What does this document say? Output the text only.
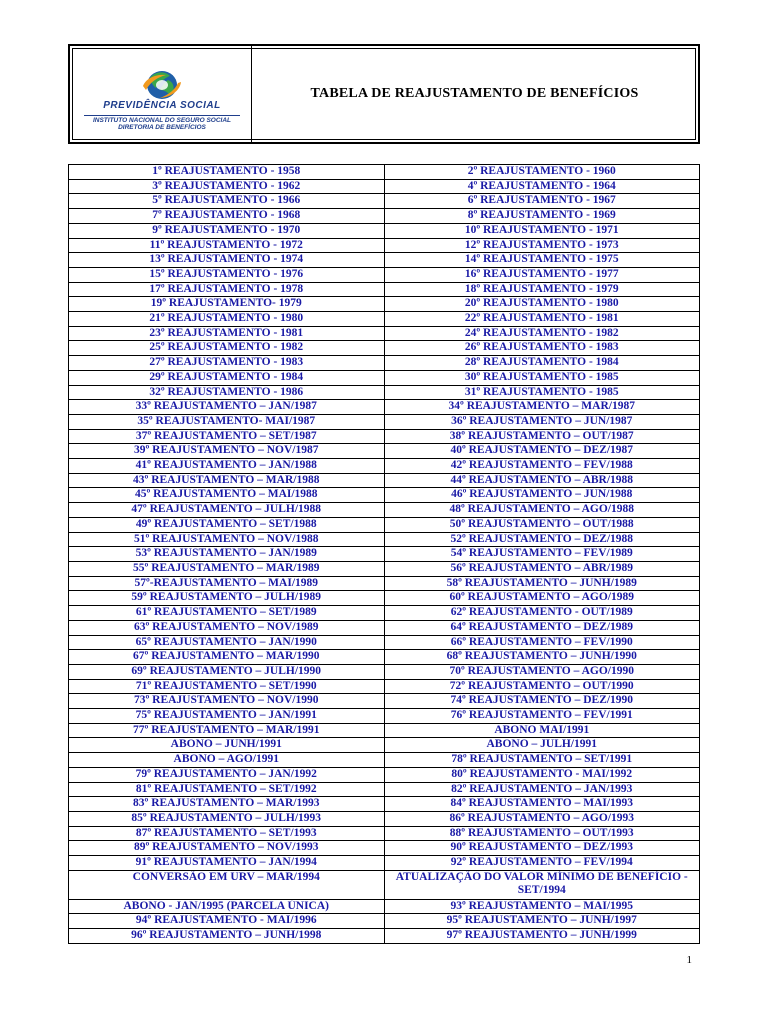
PREVIDÊNCIA SOCIAL
INSTITUTO NACIONAL DO SEGURO SOCIAL
DIRETORIA DE BENEFÍCIOS
TABELA DE REAJUSTAMENTO DE BENEFÍCIOS
1º REAJUSTAMENTO - 1958	2º REAJUSTAMENTO - 1960
3º REAJUSTAMENTO - 1962	4º REAJUSTAMENTO - 1964
5º REAJUSTAMENTO - 1966	6º REAJUSTAMENTO - 1967
7º REAJUSTAMENTO - 1968	8º REAJUSTAMENTO - 1969
9º REAJUSTAMENTO - 1970	10º REAJUSTAMENTO - 1971
11º REAJUSTAMENTO - 1972	12º REAJUSTAMENTO - 1973
13º REAJUSTAMENTO - 1974	14º REAJUSTAMENTO - 1975
15º REAJUSTAMENTO - 1976	16º REAJUSTAMENTO - 1977
17º REAJUSTAMENTO - 1978	18º REAJUSTAMENTO - 1979
19º REAJUSTAMENTO- 1979	20º REAJUSTAMENTO - 1980
21º REAJUSTAMENTO - 1980	22º REAJUSTAMENTO - 1981
23º REAJUSTAMENTO - 1981	24º REAJUSTAMENTO - 1982
25º REAJUSTAMENTO - 1982	26º REAJUSTAMENTO - 1983
27º REAJUSTAMENTO - 1983	28º REAJUSTAMENTO - 1984
29º REAJUSTAMENTO - 1984	30º REAJUSTAMENTO - 1985
32º REAJUSTAMENTO - 1986	31º REAJUSTAMENTO - 1985
33º REAJUSTAMENTO – JAN/1987	34º REAJUSTAMENTO – MAR/1987
35º REAJUSTAMENTO- MAI/1987	36º REAJUSTAMENTO – JUN/1987
37º REAJUSTAMENTO – SET/1987	38º REAJUSTAMENTO – OUT/1987
39º REAJUSTAMENTO – NOV/1987	40º REAJUSTAMENTO – DEZ/1987
41º REAJUSTAMENTO – JAN/1988	42º REAJUSTAMENTO – FEV/1988
43º REAJUSTAMENTO – MAR/1988	44º REAJUSTAMENTO – ABR/1988
45º REAJUSTAMENTO – MAI/1988	46º REAJUSTAMENTO – JUN/1988
47º REAJUSTAMENTO – JULH/1988	48º REAJUSTAMENTO – AGO/1988
49º REAJUSTAMENTO – SET/1988	50º REAJUSTAMENTO – OUT/1988
51º REAJUSTAMENTO – NOV/1988	52º REAJUSTAMENTO – DEZ/1988
53º REAJUSTAMENTO – JAN/1989	54º REAJUSTAMENTO – FEV/1989
55º REAJUSTAMENTO – MAR/1989	56º REAJUSTAMENTO – ABR/1989
57º-REAJUSTAMENTO – MAI/1989	58º REAJUSTAMENTO – JUNH/1989
59º REAJUSTAMENTO – JULH/1989	60º REAJUSTAMENTO – AGO/1989
61º REAJUSTAMENTO – SET/1989	62º REAJUSTAMENTO - OUT/1989
63º REAJUSTAMENTO – NOV/1989	64º REAJUSTAMENTO – DEZ/1989
65º REAJUSTAMENTO – JAN/1990	66º REAJUSTAMENTO – FEV/1990
67º REAJUSTAMENTO – MAR/1990	68º REAJUSTAMENTO – JUNH/1990
69º REAJUSTAMENTO – JULH/1990	70º REAJUSTAMENTO – AGO/1990
71º REAJUSTAMENTO – SET/1990	72º REAJUSTAMENTO – OUT/1990
73º REAJUSTAMENTO – NOV/1990	74º REAJUSTAMENTO – DEZ/1990
75º REAJUSTAMENTO – JAN/1991	76º REAJUSTAMENTO – FEV/1991
77º REAJUSTAMENTO – MAR/1991	ABONO MAI/1991
ABONO – JUNH/1991	ABONO – JULH/1991
ABONO – AGO/1991	78º REAJUSTAMENTO – SET/1991
79º REAJUSTAMENTO – JAN/1992	80º REAJUSTAMENTO - MAI/1992
81º REAJUSTAMENTO – SET/1992	82º REAJUSTAMENTO – JAN/1993
83º REAJUSTAMENTO – MAR/1993	84º REAJUSTAMENTO – MAI/1993
85º REAJUSTAMENTO – JULH/1993	86º REAJUSTAMENTO – AGO/1993
87º REAJUSTAMENTO – SET/1993	88º REAJUSTAMENTO – OUT/1993
89º REAJUSTAMENTO – NOV/1993	90º REAJUSTAMENTO – DEZ/1993
91º REAJUSTAMENTO – JAN/1994	92º REAJUSTAMENTO – FEV/1994
CONVERSÃO EM URV – MAR/1994	ATUALIZAÇÃO DO VALOR MÍNIMO DE BENEFÍCIO - SET/1994
ABONO - JAN/1995 (PARCELA ÚNICA)	93º REAJUSTAMENTO – MAI/1995
94º REAJUSTAMENTO - MAI/1996	95º REAJUSTAMENTO – JUNH/1997
96º REAJUSTAMENTO – JUNH/1998	97º REAJUSTAMENTO – JUNH/1999
1
